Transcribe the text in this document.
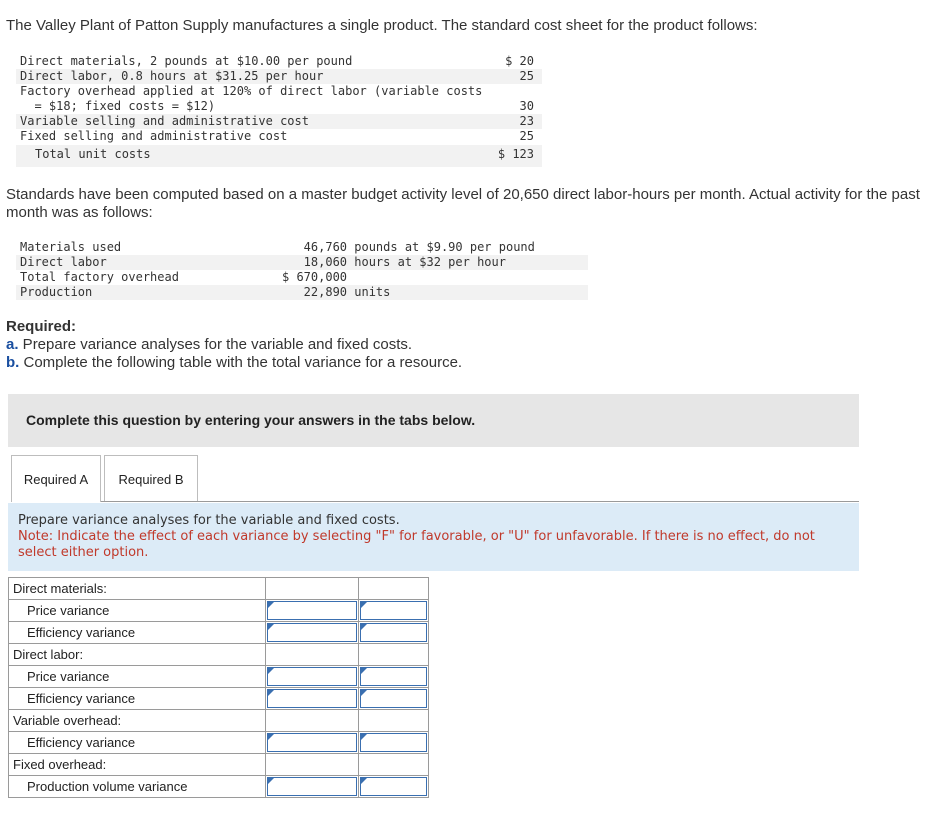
The Valley Plant of Patton Supply manufactures a single product. The standard cost sheet for the product follows:
Direct materials, 2 pounds at $10.00 per pound	$ 20
Direct labor, 0.8 hours at $31.25 per hour	25
Factory overhead applied at 120% of direct labor (variable costs
= $18; fixed costs = $12)	30
Variable selling and administrative cost	23
Fixed selling and administrative cost	25
Total unit costs	$ 123
Standards have been computed based on a master budget activity level of 20,650 direct labor-hours per month. Actual activity for the past month was as follows:
Materials used	46,760 pounds at $9.90 per pound
Direct labor	18,060 hours at $32 per hour
Total factory overhead	$ 670,000
Production	22,890 units
Required:
a. Prepare variance analyses for the variable and fixed costs.
b. Complete the following table with the total variance for a resource.
Complete this question by entering your answers in the tabs below.
Required A	Required B
Prepare variance analyses for the variable and fixed costs.
Note: Indicate the effect of each variance by selecting "F" for favorable, or "U" for unfavorable. If there is no effect, do not select either option.
Direct materials:		
Price variance	

Efficiency variance	

Direct labor:		
Price variance	

Efficiency variance	

Variable overhead:		
Efficiency variance	

Fixed overhead:		
Production volume variance	
